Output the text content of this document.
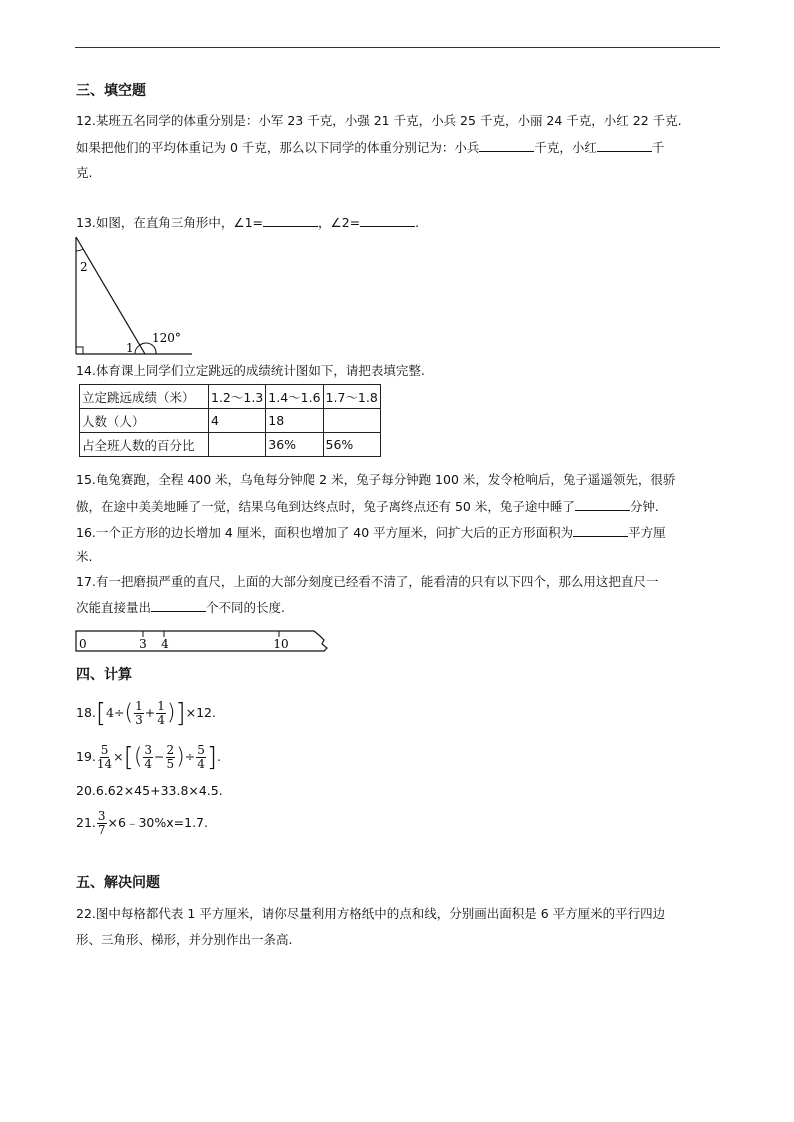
三、填空题
12.某班五名同学的体重分别是：小军 23 千克，小强 21 千克，小兵 25 千克，小丽 24 千克，小红 22 千克.
如果把他们的平均体重记为 0 千克，那么以下同学的体重分别记为：小兵	千克，小红	千
克.
13.如图，在直角三角形中，∠1=	，∠2=	.
2
1
120°
14.体育课上同学们立定跳远的成绩统计图如下，请把表填完整.
立定跳远成绩（米）	1.2～1.3	1.4～1.6	1.7～1.8
人数（人）	4	18	
占全班人数的百分比		36%	56%
15.龟兔赛跑，全程 400 米，乌龟每分钟爬 2 米，兔子每分钟跑 100 米，发令枪响后，兔子遥遥领先，很骄
傲，在途中美美地睡了一觉，结果乌龟到达终点时，兔子离终点还有 50 米，兔子途中睡了	分钟.
16.一个正方形的边长增加 4 厘米，面积也增加了 40 平方厘米，问扩大后的正方形面积为	平方厘
米.
17.有一把磨损严重的直尺，上面的大部分刻度已经看不清了，能看清的只有以下四个，那么用这把直尺一
次能直接量出	个不同的长度.
0	3 4	10
四、计算
$18.[4\div( \frac{1}{3} + \frac{1}{4} )]\times 12$.
19. $\frac{5}{14}$ ×[( $\frac{3}{4} - \frac{2}{5}$ )÷ $\frac{5}{4}$ ].
20.6.62×45+33.8×4.5.
21. $\frac{3}{7}$ ×6﹣30%x=1.7.
五、解决问题
22.图中每格都代表 1 平方厘米，请你尽量利用方格纸中的点和线，分别画出面积是 6 平方厘米的平行四边
形、三角形、梯形，并分别作出一条高.
